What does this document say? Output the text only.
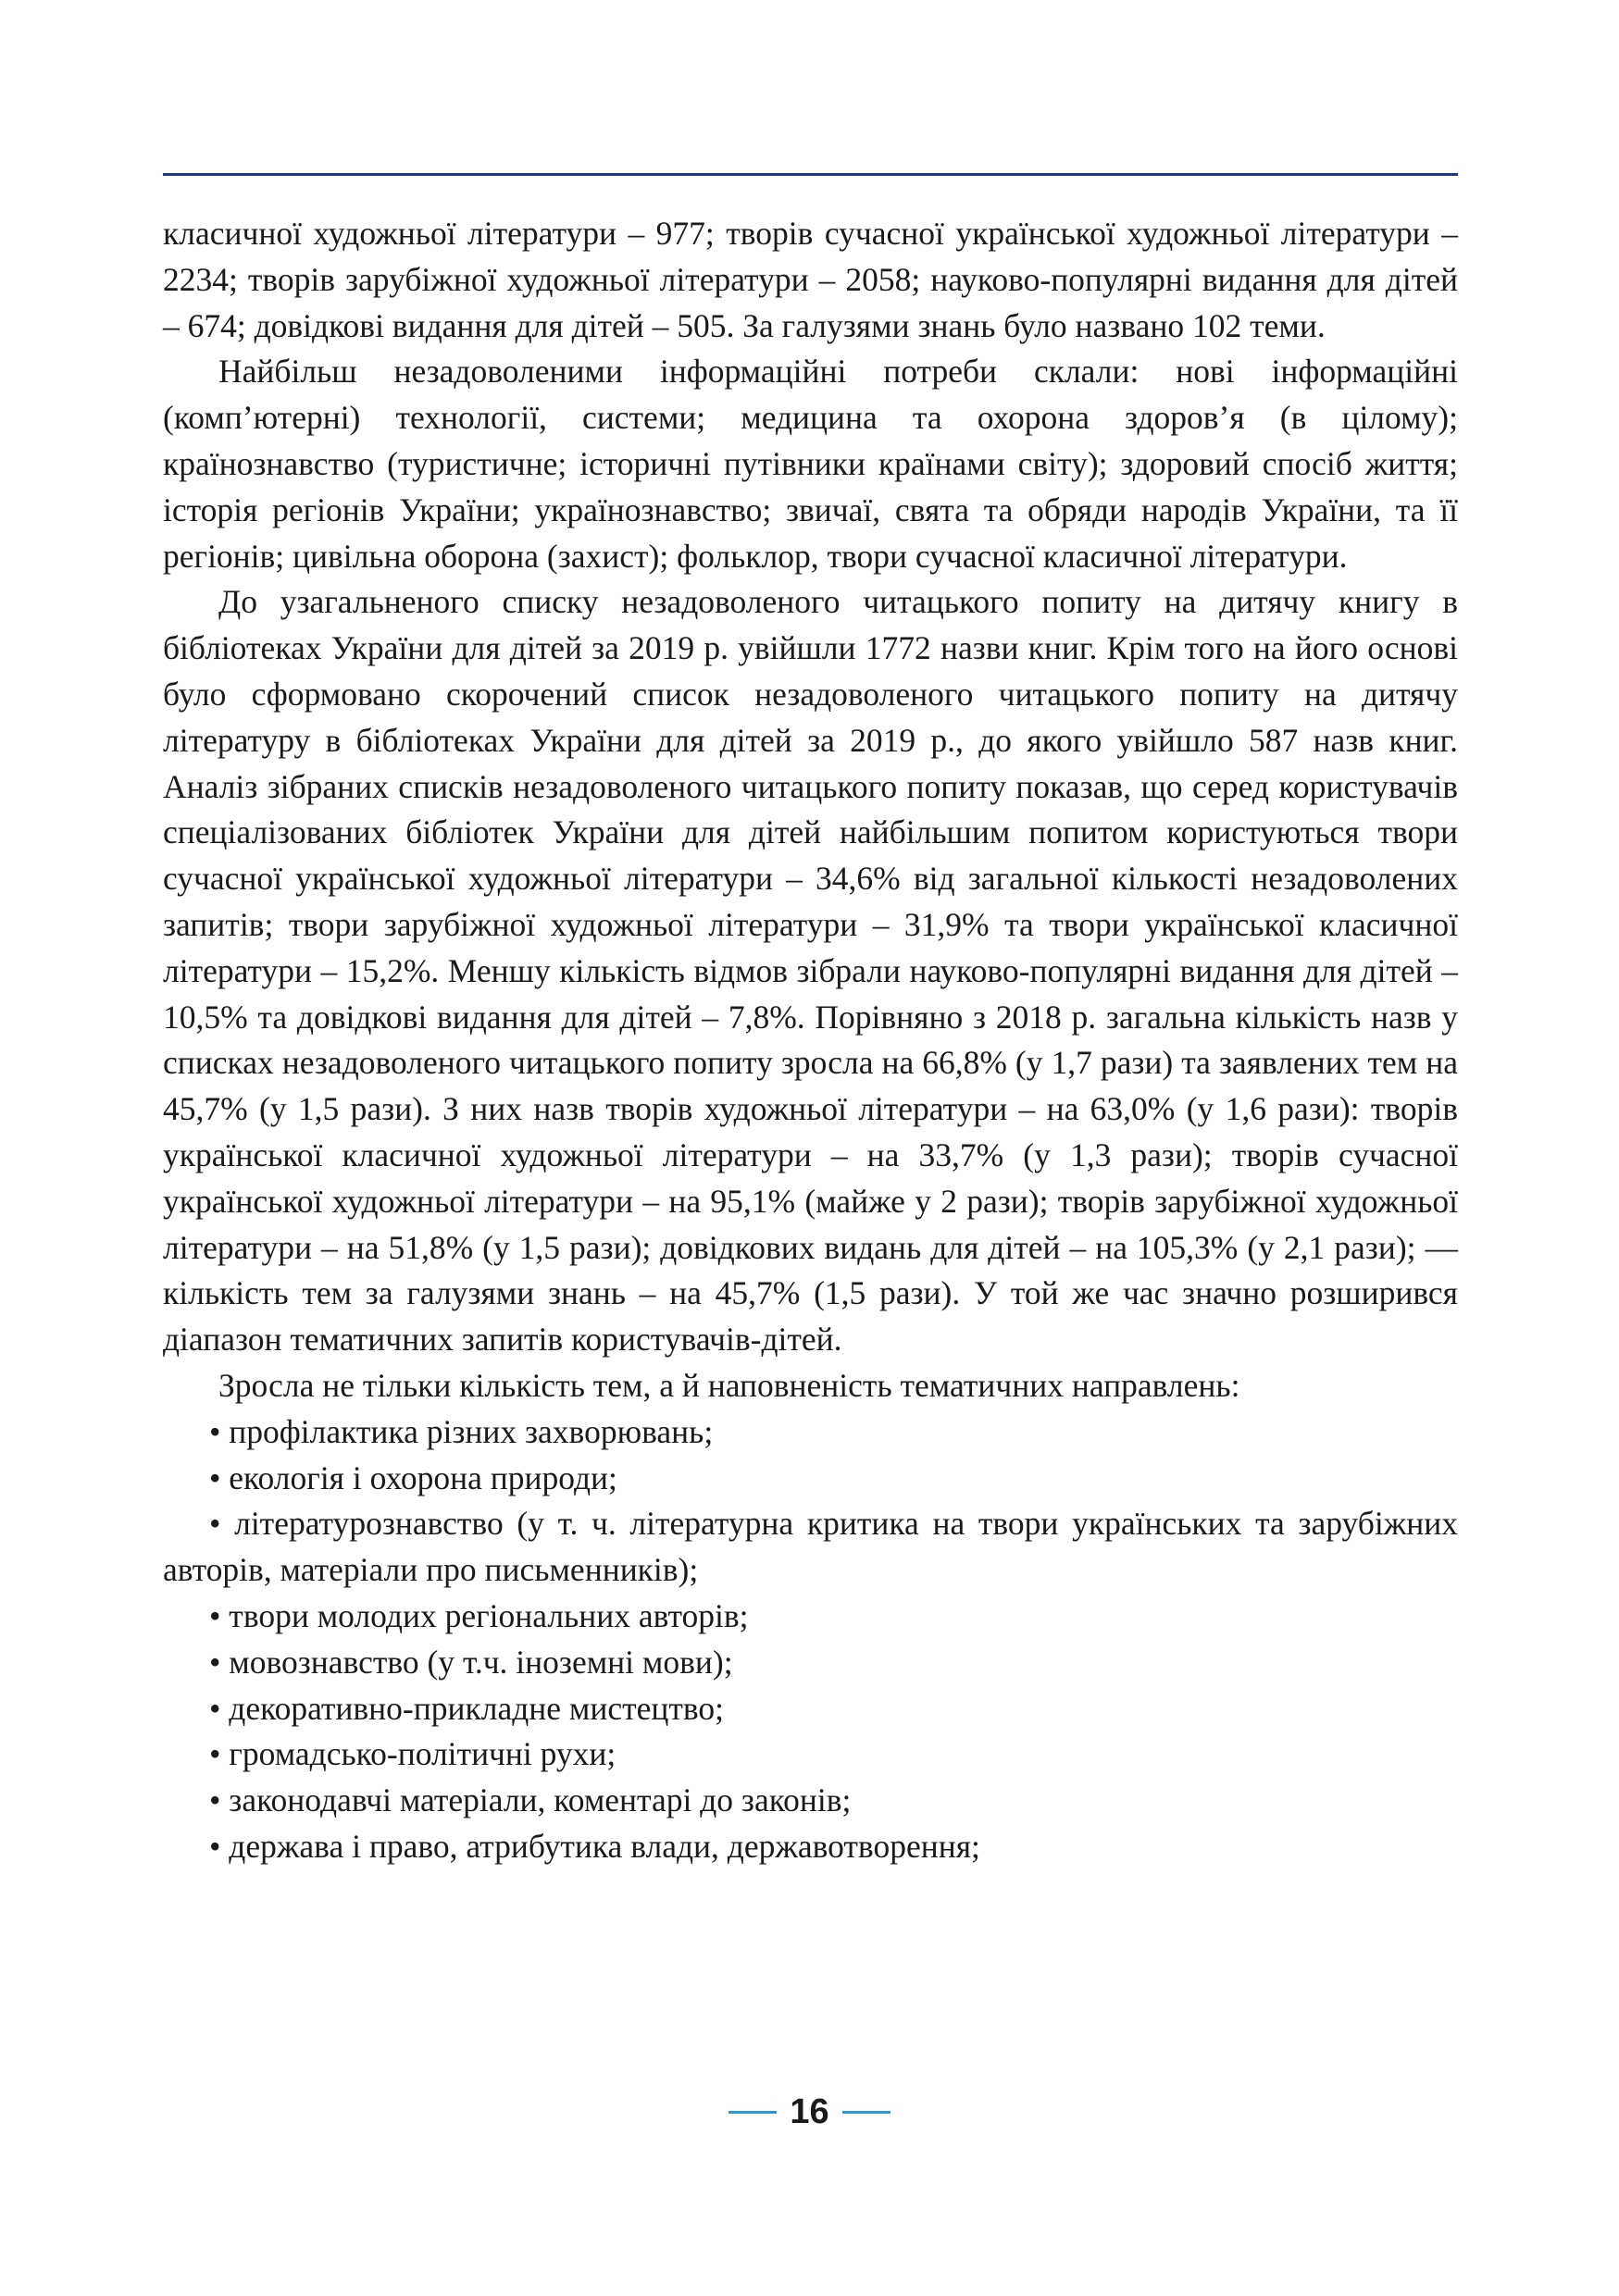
класичної художньої літератури – 977; творів сучасної української художньої літератури – 2234; творів зарубіжної художньої літератури – 2058; науково-популярні видання для дітей – 674; довідкові видання для дітей – 505. За галузями знань було названо 102 теми.

Найбільш незадоволеними інформаційні потреби склали: нові інформаційні (комп’ютерні) технології, системи; медицина та охорона здоров’я (в цілому); країнознавство (туристичне; історичні путівники країнами світу); здоровий спосіб життя; історія регіонів України; українознавство; звичаї, свята та обряди народів України, та її регіонів; цивільна оборона (захист); фольклор, твори сучасної класичної літератури.

До узагальненого списку незадоволеного читацького попиту на дитячу книгу в бібліотеках України для дітей за 2019 р. увійшли 1772 назви книг. Крім того на його основі було сформовано скорочений список незадоволеного читацького попиту на дитячу літературу в бібліотеках України для дітей за 2019 р., до якого увійшло 587 назв книг. Аналіз зібраних списків незадоволеного читацького попиту показав, що серед користувачів спеціалізованих бібліотек України для дітей найбільшим попитом користуються твори сучасної української художньої літератури – 34,6% від загальної кількості незадоволених запитів; твори зарубіжної художньої літератури – 31,9% та твори української класичної літератури – 15,2%. Меншу кількість відмов зібрали науково-популярні видання для дітей – 10,5% та довідкові видання для дітей – 7,8%. Порівняно з 2018 р. загальна кількість назв у списках незадоволеного читацького попиту зросла на 66,8% (у 1,7 рази) та заявлених тем на 45,7% (у 1,5 рази). З них назв творів художньої літератури – на 63,0% (у 1,6 рази): творів української класичної художньої літератури – на 33,7% (у 1,3 рази); творів сучасної української художньої літератури – на 95,1% (майже у 2 рази); творів зарубіжної художньої літератури – на 51,8% (у 1,5 рази); довідкових видань для дітей – на 105,3% (у 2,1 рази); — кількість тем за галузями знань – на 45,7% (1,5 рази). У той же час значно розширився діапазон тематичних запитів користувачів-дітей.

Зросла не тільки кількість тем, а й наповненість тематичних направлень:

• профілактика різних захворювань;

• екологія і охорона природи;

• літературознавство (у т. ч. літературна критика на твори українських та зарубіжних авторів, матеріали про письменників);

• твори молодих регіональних авторів;

• мовознавство (у т.ч. іноземні мови);

• декоративно-прикладне мистецтво;

• громадсько-політичні рухи;

• законодавчі матеріали, коментарі до законів;

• держава і право, атрибутика влади, державотворення;

16
